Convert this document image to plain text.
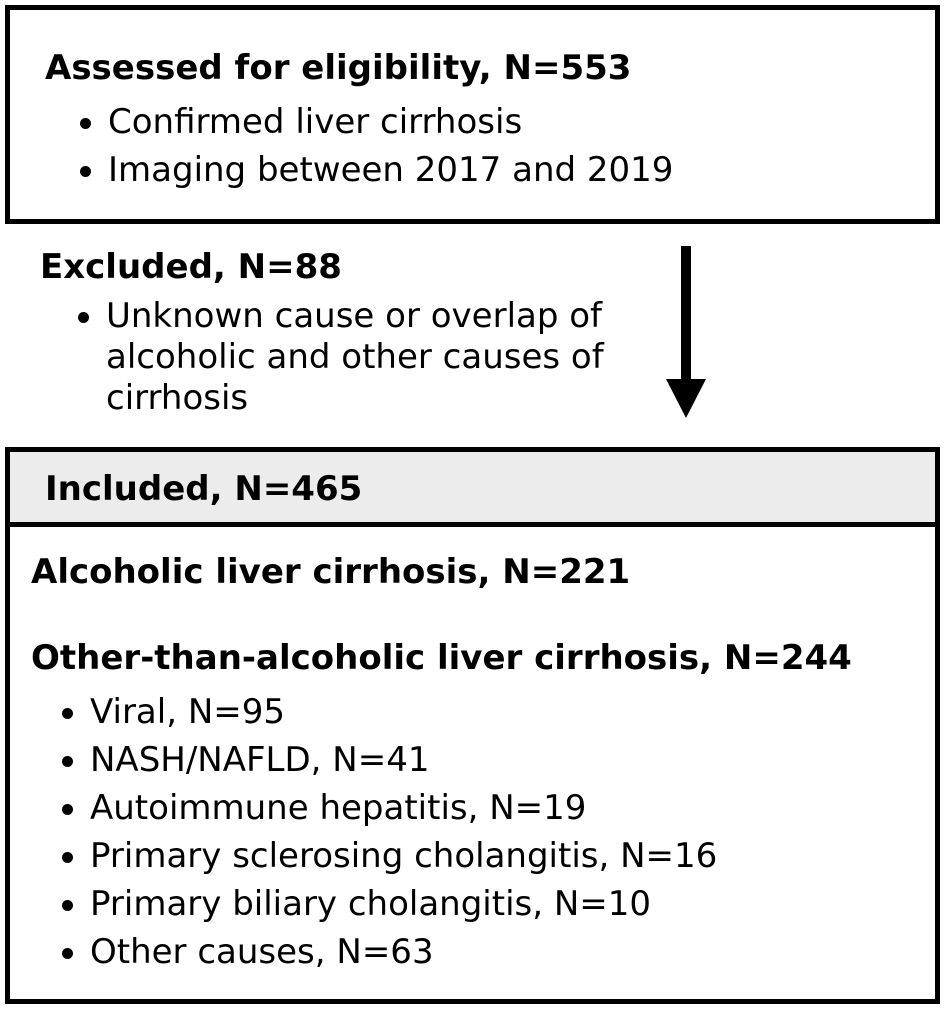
Assessed for eligibility, N=553
Confirmed liver cirrhosis
Imaging between 2017 and 2019
Excluded, N=88

Unknown cause or overlap of alcoholic and other causes of cirrhosis

Included, N=465
Alcoholic liver cirrhosis, N=221
Other-than-alcoholic liver cirrhosis, N=244
Viral, N=95
NASH/NAFLD, N=41
Autoimmune hepatitis, N=19
Primary sclerosing cholangitis, N=16
Primary biliary cholangitis, N=10
Other causes, N=63
